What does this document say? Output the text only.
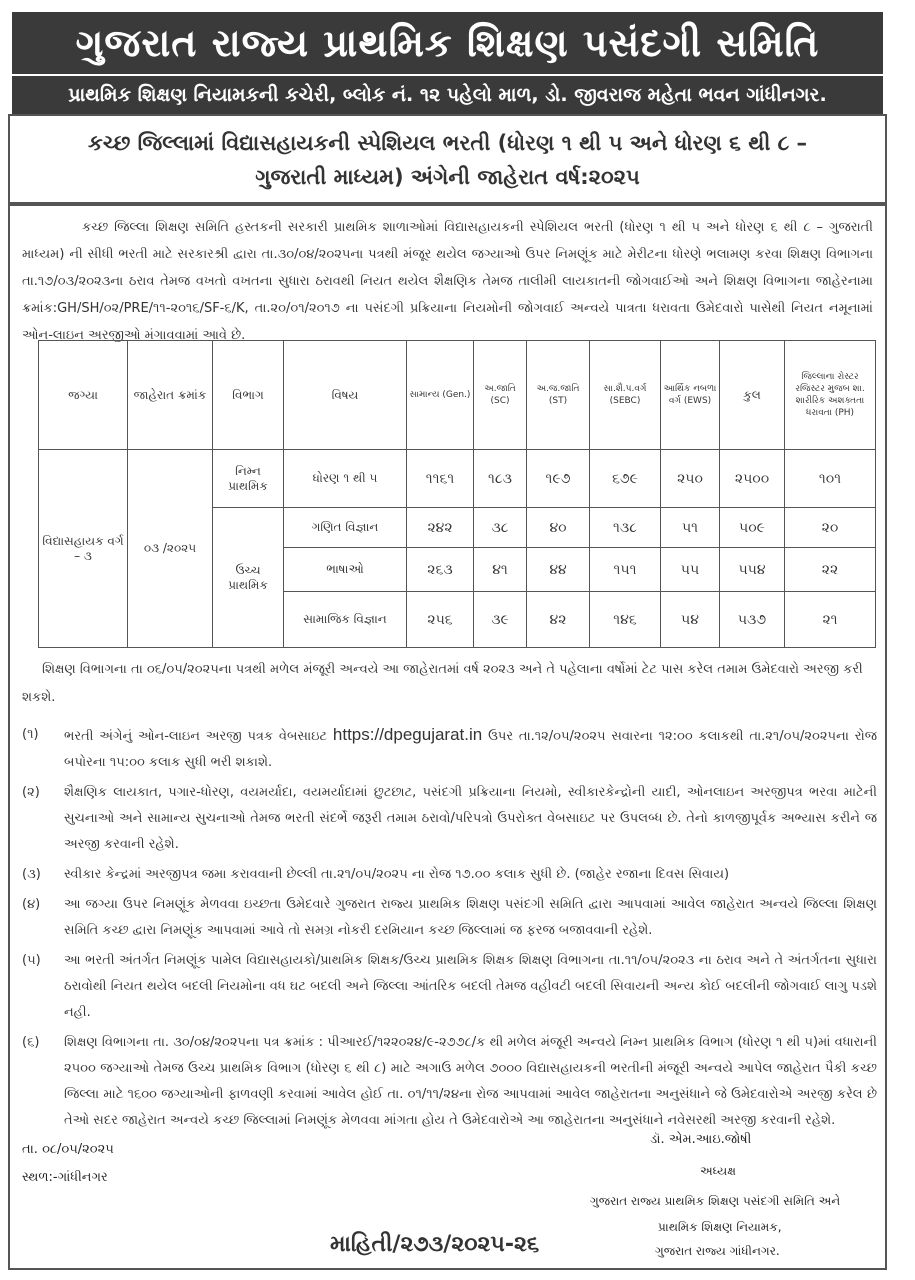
ગુજરાત રાજ્ય પ્રાથમિક શિક્ષણ પસંદગી સમિતિ
પ્રાથમિક શિક્ષણ નિયામકની કચેરી, બ્લોક નં. ૧૨ પહેલો માળ, ડો. જીવરાજ મહેતા ભવન ગાંધીનગર.
કચ્છ જિલ્લામાં વિદ્યાસહાયકની સ્પેશિયલ ભરતી (ધોરણ ૧ થી ૫ અને ધોરણ ૬ થી ૮ –
ગુજરાતી માધ્યમ) અંગેની જાહેરાત વર્ષ:૨૦૨૫
કચ્છ જિલ્લા શિક્ષણ સમિતિ હસ્તકની સરકારી પ્રાથમિક શાળાઓમાં વિદ્યાસહાયકની સ્પેશિયલ ભરતી (ધોરણ ૧ થી ૫ અને ધોરણ ૬ થી ૮ – ગુજરાતી માધ્યમ) ની સીધી ભરતી માટે સરકારશ્રી દ્વારા તા.૩૦/૦૪/૨૦૨૫ના પત્રથી મંજૂર થયેલ જગ્યાઓ ઉપર નિમણૂંક માટે મેરીટના ધોરણે ભલામણ કરવા શિક્ષણ વિભાગના તા.૧૭/૦૩/૨૦૨૩ના ઠરાવ તેમજ વખતો વખતના સુધારા ઠરાવથી નિયત થયેલ શૈક્ષણિક તેમજ તાલીમી લાયકાતની જોગવાઈઓ અને શિક્ષણ વિભાગના જાહેરનામા ક્રમાંક:GH/SH/૦૨/PRE/૧૧-૨૦૧૬/SF-૬/K, તા.૨૦/૦૧/૨૦૧૭ ના પસંદગી પ્રક્રિયાના નિયમોની જોગવાઈ અન્વયે પાત્રતા ધરાવતા ઉમેદવારો પાસેથી નિયત નમૂનામાં ઓન-લાઇન અરજીઓ મંગાવવામાં આવે છે.
જગ્યા	જાહેરાત ક્રમાંક	વિભાગ	વિષય	સામાન્ય (Gen.)	અ.જાતિ (SC)	અ.જ.જાતિ (ST)	સા.શૈ.પ.વર્ગ (SEBC)	આર્થિક નબળા વર્ગ (EWS)	કુલ	જિલ્લાના રોસ્ટર રજિસ્ટર મુજબ શા. શારીરિક અશક્તતા ધરાવતા (PH)
વિદ્યાસહાયક વર્ગ – ૩	૦૩ /૨૦૨૫	નિમ્ન પ્રાથમિક	ધોરણ ૧ થી ૫	૧૧૬૧	૧૮૩	૧૯૭	૬૭૯	૨૫૦	૨૫૦૦	૧૦૧
		ઉચ્ચ પ્રાથમિક	ગણિત વિજ્ઞાન	૨૪૨	૩૮	૪૦	૧૩૮	૫૧	૫૦૯	૨૦
			ભાષાઓ	૨૬૩	૪૧	૪૪	૧૫૧	૫૫	૫૫૪	૨૨
			સામાજિક વિજ્ઞાન	૨૫૬	૩૯	૪૨	૧૪૬	૫૪	૫૩૭	૨૧
શિક્ષણ વિભાગના તા ૦૬/૦૫/૨૦૨૫ના પત્રથી મળેલ મંજૂરી અન્વયે આ જાહેરાતમાં વર્ષ ૨૦૨૩ અને તે પહેલાના વર્ષોમાં ટેટ પાસ કરેલ તમામ ઉમેદવારો અરજી કરી શકશે.
(૧)	ભરતી અંગેનું ઓન-લાઇન અરજી પત્રક વેબસાઇટ https://dpegujarat.in ઉપર તા.૧૨/૦૫/૨૦૨૫ સવારના ૧૨:૦૦ કલાકથી તા.૨૧/૦૫/૨૦૨૫ના રોજ બપોરના ૧૫:૦૦ કલાક સુધી ભરી શકાશે.
(૨)	શૈક્ષણિક લાયકાત, પગાર-ધોરણ, વયમર્યાદા, વયમર્યાદામાં છુટછાટ, પસંદગી પ્રક્રિયાના નિયમો, સ્વીકારકેન્દ્રોની યાદી, ઓનલાઇન અરજીપત્ર ભરવા માટેની સુચનાઓ અને સામાન્ય સુચનાઓ તેમજ ભરતી સંદર્ભે જરૂરી તમામ ઠરાવો/પરિપત્રો ઉપરોક્ત વેબસાઇટ પર ઉપલબ્ધ છે. તેનો કાળજીપૂર્વક અભ્યાસ કરીને જ અરજી કરવાની રહેશે.
(૩)	સ્વીકાર કેન્દ્રમાં અરજીપત્ર જમા કરાવવાની છેલ્લી તા.૨૧/૦૫/૨૦૨૫ ના રોજ ૧૭.૦૦ કલાક સુધી છે. (જાહેર રજાના દિવસ સિવાય)
(૪)	આ જગ્યા ઉપર નિમણૂંક મેળવવા ઇચ્છતા ઉમેદવારે ગુજરાત રાજ્ય પ્રાથમિક શિક્ષણ પસંદગી સમિતિ દ્વારા આપવામાં આવેલ જાહેરાત અન્વયે જિલ્લા શિક્ષણ સમિતિ કચ્છ દ્વારા નિમણૂંક આપવામાં આવે તો સમગ્ર નોકરી દરમિયાન કચ્છ જિલ્લામાં જ ફરજ બજાવવાની રહેશે.
(૫)	આ ભરતી અંતર્ગત નિમણૂંક પામેલ વિદ્યાસહાયકો/પ્રાથમિક શિક્ષક/ઉચ્ચ પ્રાથમિક શિક્ષક શિક્ષણ વિભાગના તા.૧૧/૦૫/૨૦૨૩ ના ઠરાવ અને તે અંતર્ગતના સુધારા ઠરાવોથી નિયત થયેલ બદલી નિયમોના વધ ઘટ બદલી અને જિલ્લા આંતરિક બદલી તેમજ વહીવટી બદલી સિવાયની અન્ય કોઈ બદલીની જોગવાઈ લાગુ પડશે નહી.
(૬)	શિક્ષણ વિભાગના તા. ૩૦/૦૪/૨૦૨૫ના પત્ર ક્રમાંક : પીઆરઈ/૧૨૨૦૨૪/૯-૨૭૭૮/ક થી મળેલ મંજૂરી અન્વયે નિમ્ન પ્રાથમિક વિભાગ (ધોરણ ૧ થી ૫)માં વધારાની ૨૫૦૦ જગ્યાઓ તેમજ ઉચ્ચ પ્રાથમિક વિભાગ (ધોરણ ૬ થી ૮) માટે અગાઉ મળેલ ૭૦૦૦ વિદ્યાસહાયકની ભરતીની મંજૂરી અન્વયે આપેલ જાહેરાત પૈકી કચ્છ જિલ્લા માટે ૧૬૦૦ જગ્યાઓની ફાળવણી કરવામાં આવેલ હોઈ તા. ૦૧/૧૧/૨૪ના રોજ આપવામાં આવેલ જાહેરાતના અનુસંધાને જે ઉમેદવારોએ અરજી કરેલ છે તેઓ સદર જાહેરાત અન્વયે કચ્છ જિલ્લામાં નિમણૂંક મેળવવા માંગતા હોય તે ઉમેદવારોએ આ જાહેરાતના અનુસંધાને નવેસરથી અરજી કરવાની રહેશે.
તા. ૦૮/૦૫/૨૦૨૫
સ્થળ:-ગાંધીનગર
ડૉ. એમ.આઇ.જોષી
અધ્યક્ષ
ગુજરાત રાજ્ય પ્રાથમિક શિક્ષણ પસંદગી સમિતિ અને
પ્રાથમિક શિક્ષણ નિયામક,
ગુજરાત રાજ્ય ગાંધીનગર.
માહિતી/૨૭૩/૨૦૨૫-૨૬
